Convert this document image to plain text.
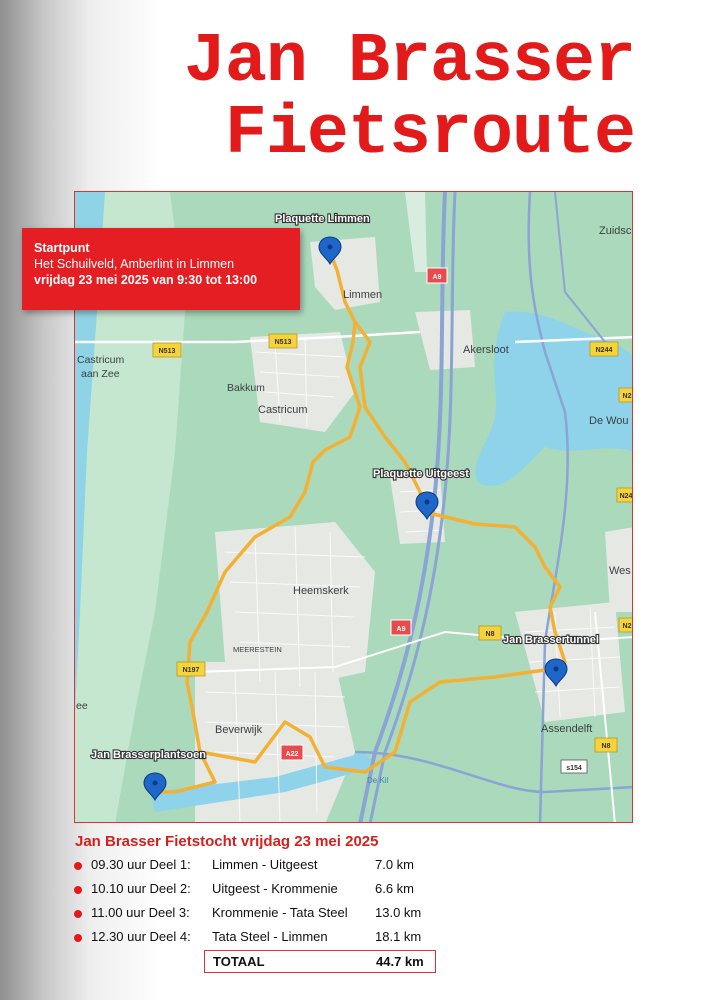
Jan Brasser
Fietsroute
A9
N513
N513
N244
N2
N24
A9
N8
N2
N197
A22
N8
s154
Plaquette Limmen
Zuidsc
Limmen
Akersloot
Castricum
aan Zee
Bakkum
Castricum
De Wou
Plaquette Uitgeest
Wes
Heemskerk
Jan Brassertunnel
MEERESTEIN
ee
Beverwijk	Assendelft
Jan Brasserplantsoen
De Kil
Startpunt
Het Schuilveld, Amberlint in Limmen
vrijdag 23 mei 2025 van 9:30 tot 13:00
Jan Brasser Fietstocht vrijdag 23 mei 2025
09.30 uur Deel 1: Limmen - Uitgeest	7.0 km
10.10 uur Deel 2: Uitgeest - Krommenie	6.6 km
11.00 uur Deel 3: Krommenie - Tata Steel 13.0 km
12.30 uur Deel 4: Tata Steel - Limmen	18.1 km
TOTAAL	44.7 km
